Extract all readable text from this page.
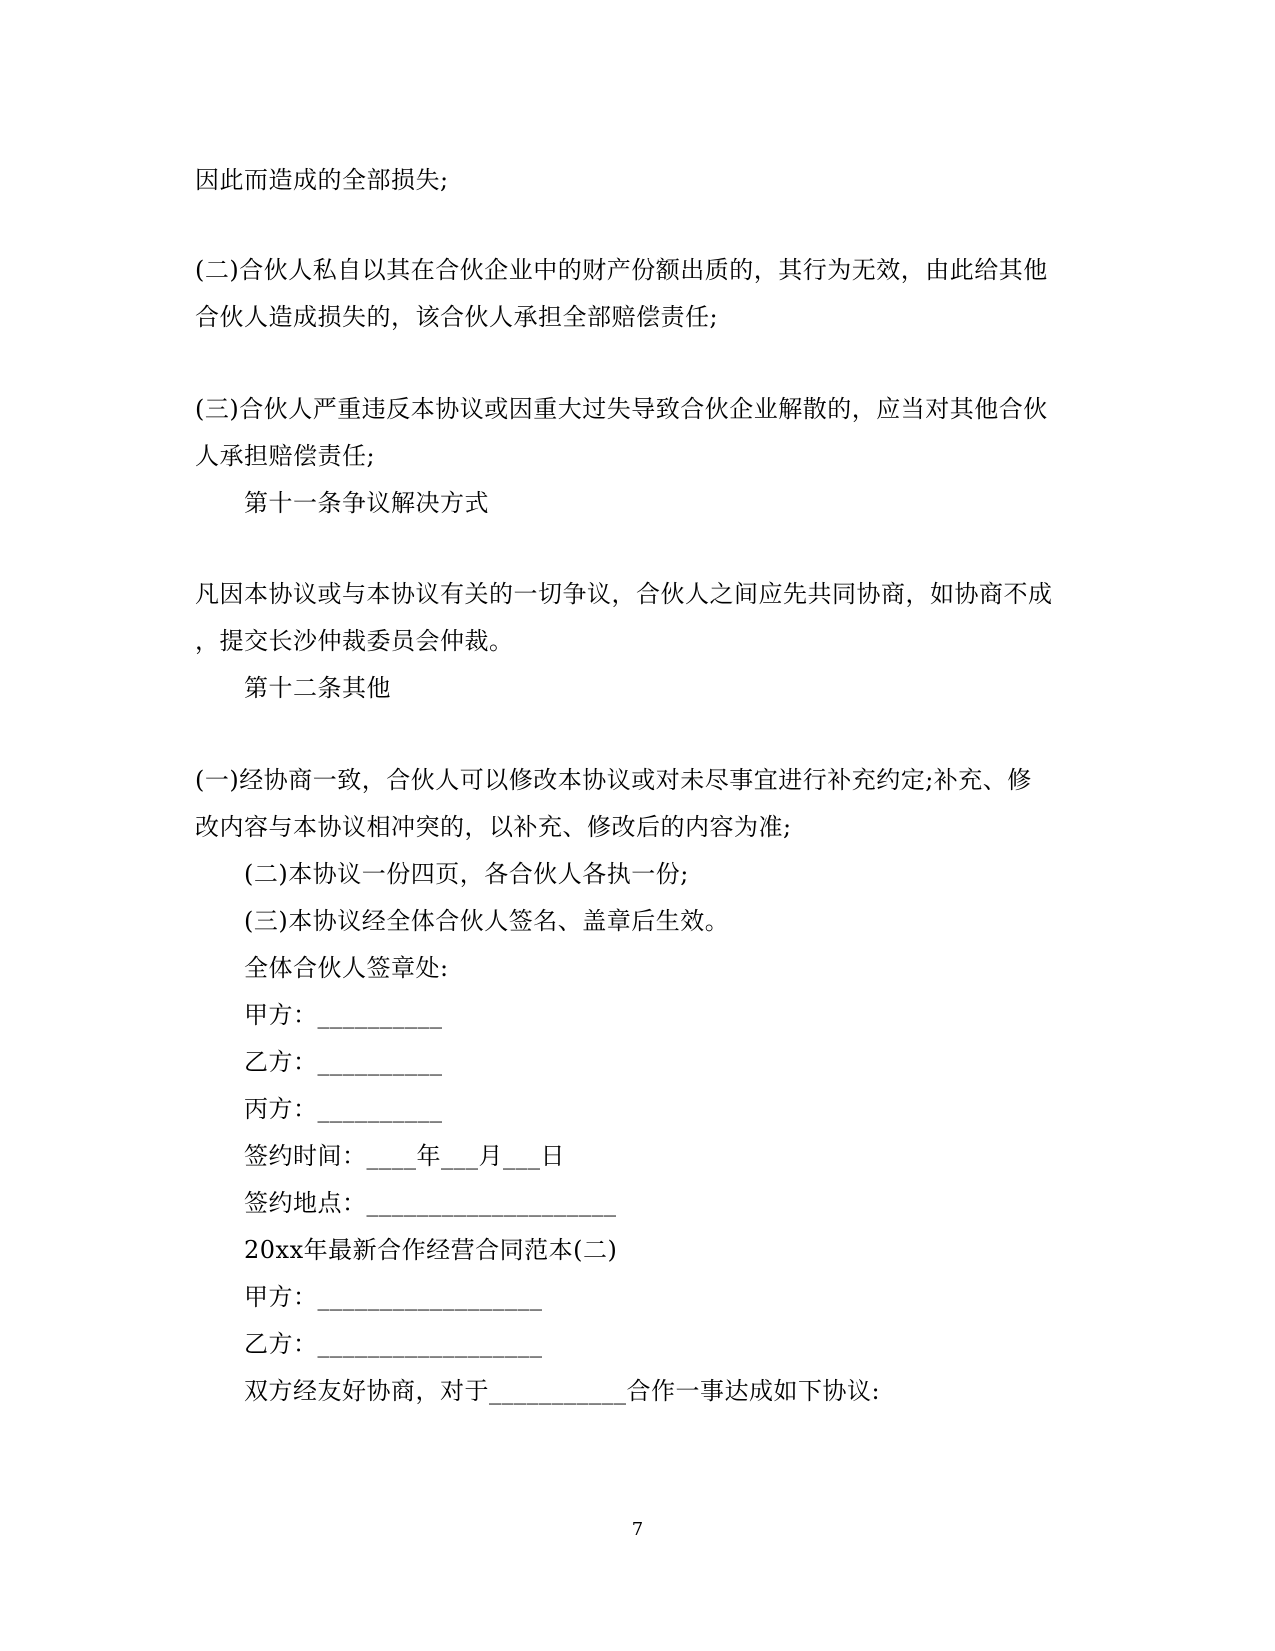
因此而造成的全部损失;
(二)合伙人私自以其在合伙企业中的财产份额出质的，其行为无效，由此给其他
合伙人造成损失的，该合伙人承担全部赔偿责任;
(三)合伙人严重违反本协议或因重大过失导致合伙企业解散的，应当对其他合伙
人承担赔偿责任;
第十一条争议解决方式
凡因本协议或与本协议有关的一切争议，合伙人之间应先共同协商，如协商不成
，提交长沙仲裁委员会仲裁。
第十二条其他
(一)经协商一致，合伙人可以修改本协议或对未尽事宜进行补充约定;补充、修
改内容与本协议相冲突的，以补充、修改后的内容为准;
(二)本协议一份四页，各合伙人各执一份;
(三)本协议经全体合伙人签名、盖章后生效。
全体合伙人签章处:
甲方：__________
乙方：__________
丙方：__________
签约时间：____年___月___日
签约地点：____________________
20xx年最新合作经营合同范本(二)
甲方：__________________
乙方：__________________
双方经友好协商，对于___________合作一事达成如下协议:
7
